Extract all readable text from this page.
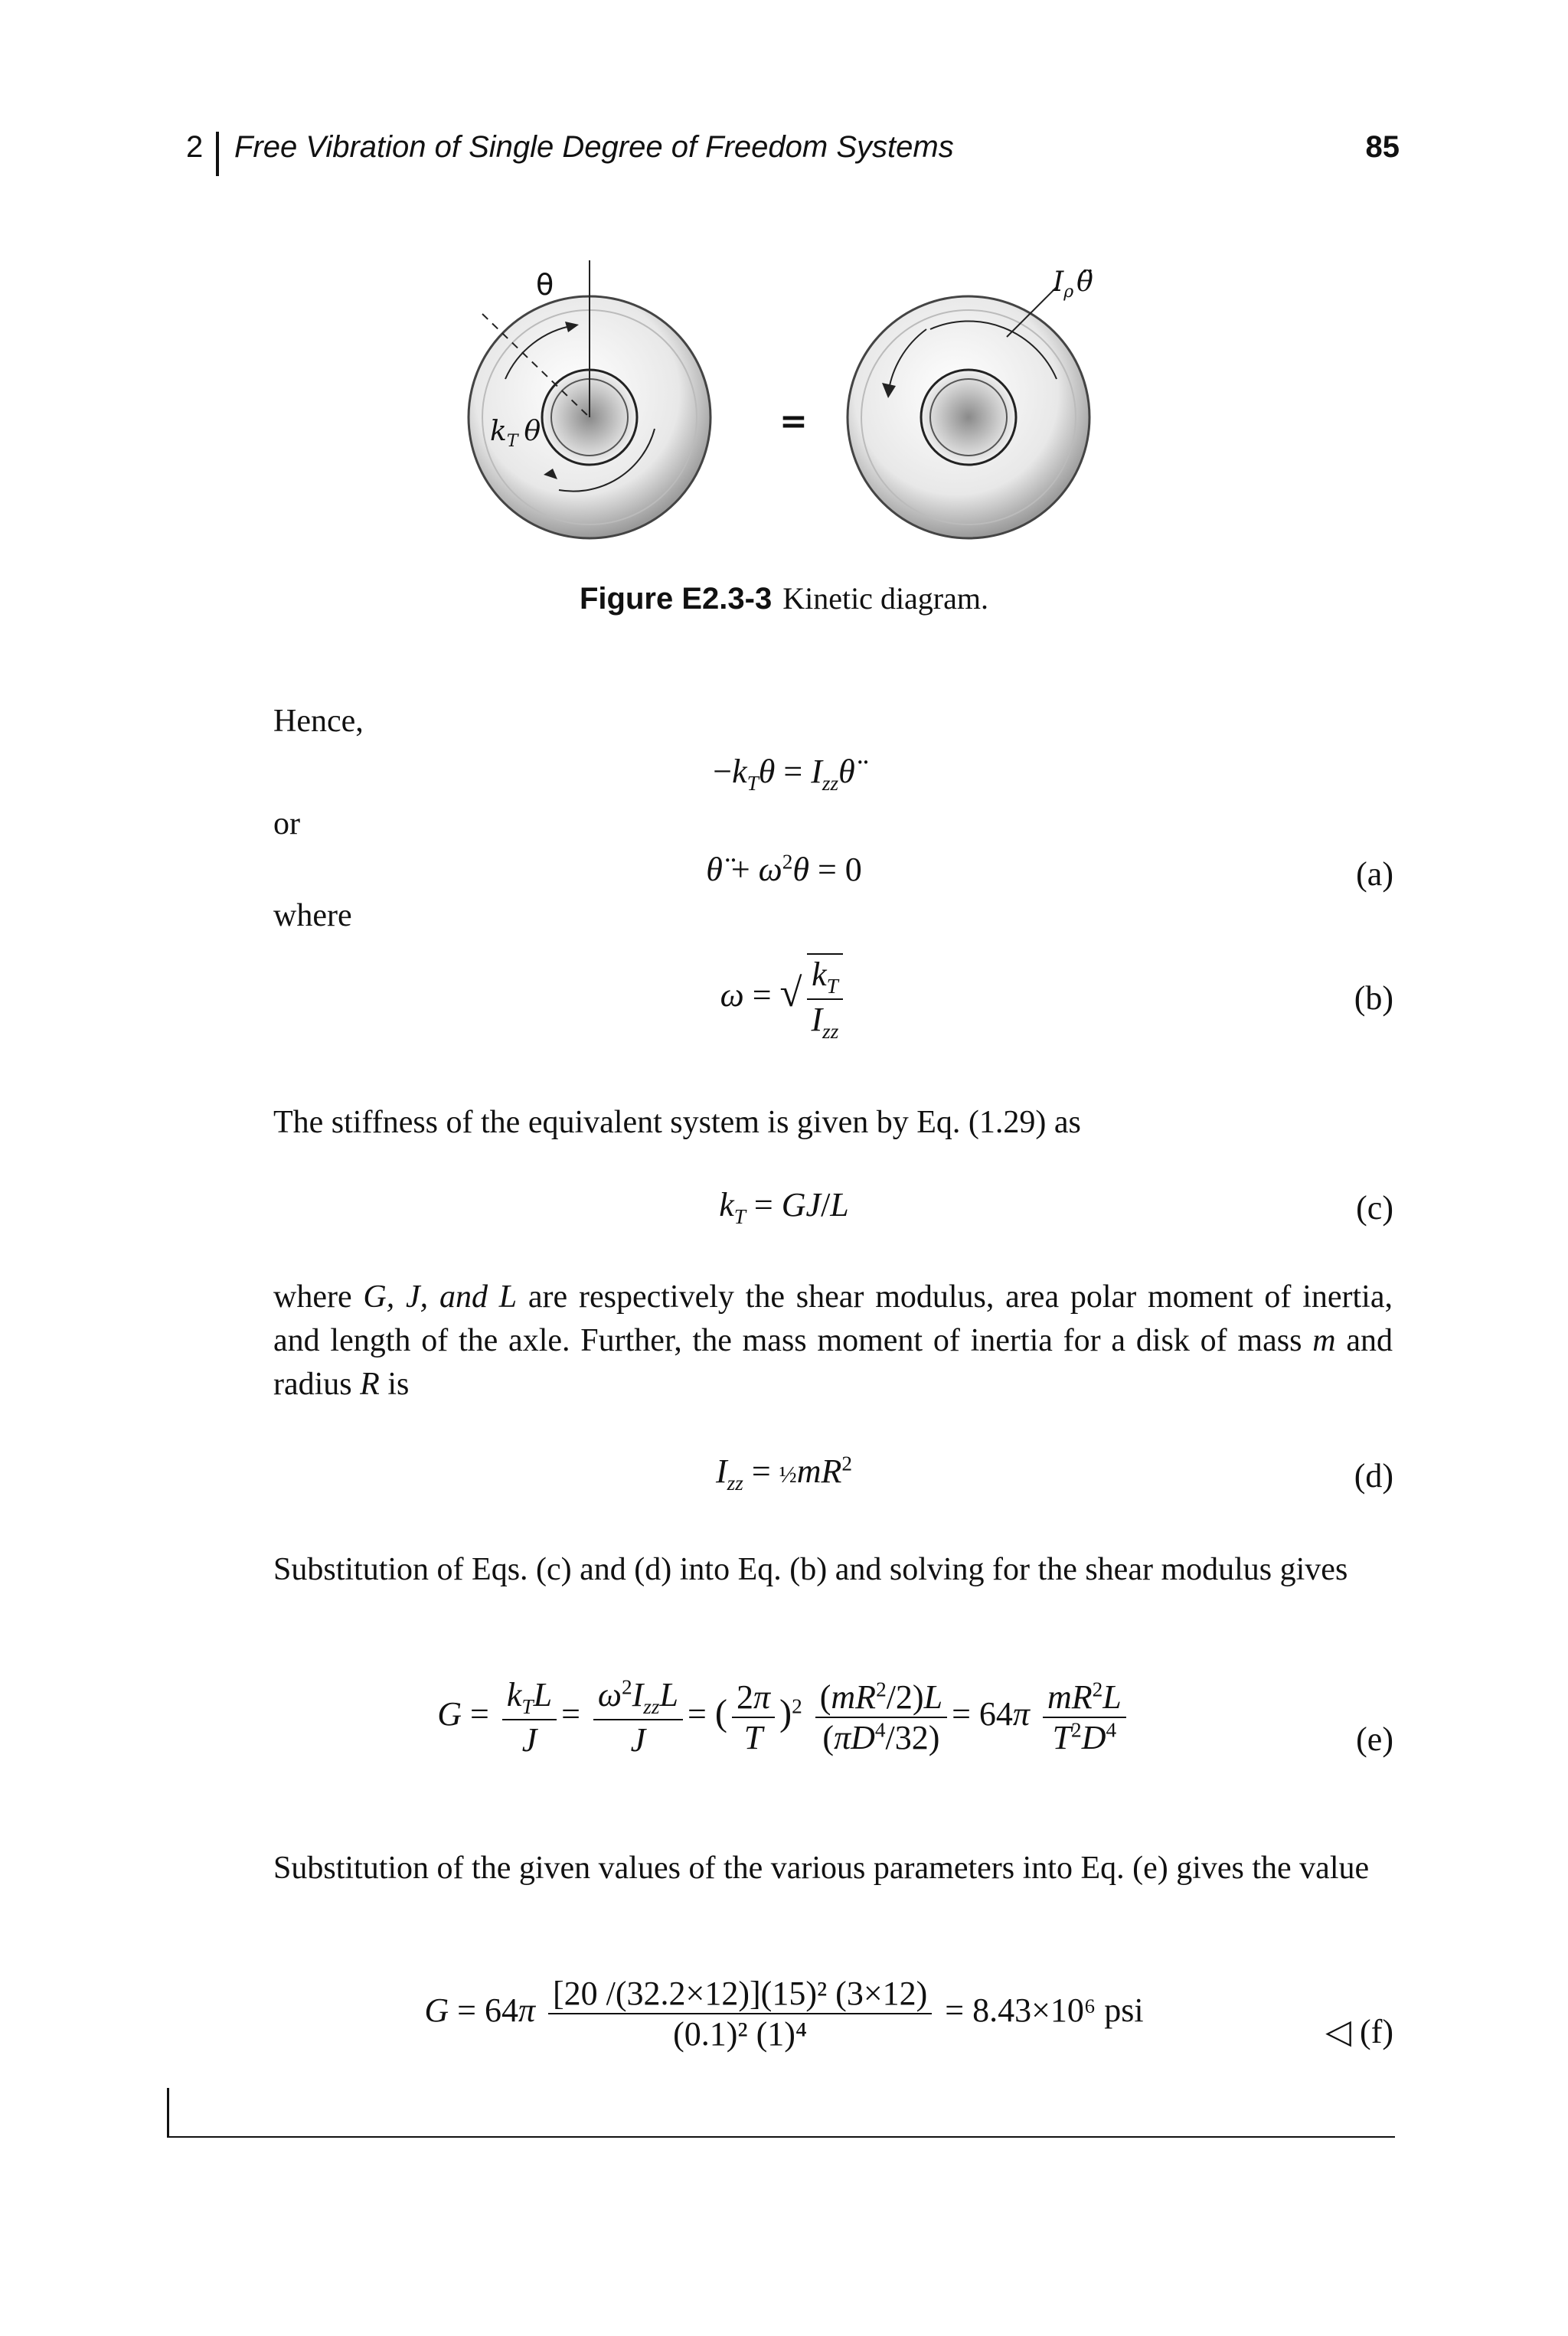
2 Free Vibration of Single Degree of Freedom Systems	85
θ
$k_T$ θ	=
$I_\rho$ θ̈
Figure E2.3-3 Kinetic diagram.
Hence,
$-k_T\theta$ = $I_{zz}\thetä$
or
θ̈ + $\omega^2\theta = 0$	(a)
where
ω = √ $\frac{k_T}{I_{zz}}$	(b)
The stiffness of the equivalent system is given by Eq. (1.29) as
$k_T = GJ/L$	(c)
where G, J, and L are respectively the shear modulus, area polar moment of inertia, and length of the axle. Further, the mass moment of inertia for a disk of mass m and radius R is
$I_{zz}$ = $\frac{1}{2}mR^2$	(d)
Substitution of Eqs. (c) and (d) into Eq. (b) and solving for the shear modulus gives
$G = \frac{k_TL}{J} = \frac{\omega^2I_{zz}L}{J}$ = ( $\frac{2\pi}{T} )^2 \frac{(mR^2/2)L}{(\pi D^4/32)} = 64\pi \frac{mR^2L}{T^2D^4}$	(e)
Substitution of the given values of the various parameters into Eq. (e) gives the value
$G = 64\pi \frac{\text{[20 /(32.2×12)](15)² (3×12)}}{\text{(0.1)² (1)⁴}} = 8.43\times 10^6$ psi
◁ (f)
